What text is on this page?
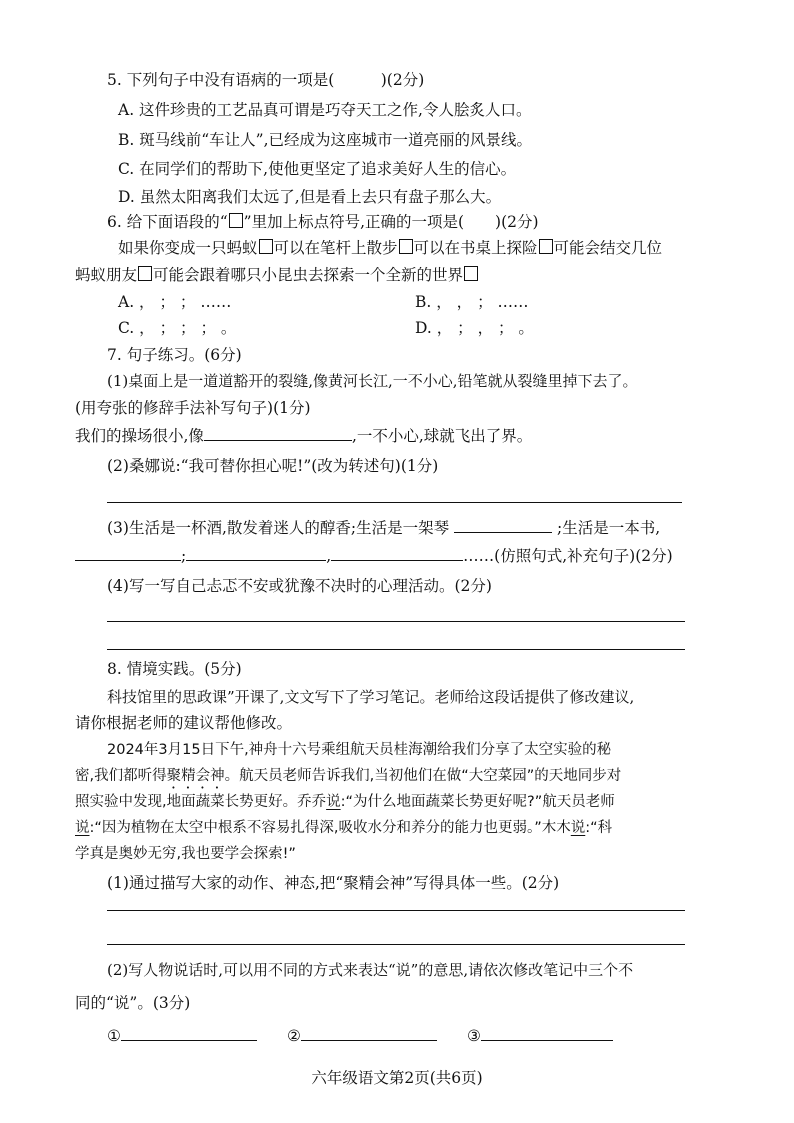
5. 下列句子中没有语病的一项是(　　　)(2分)
A. 这件珍贵的工艺品真可谓是巧夺天工之作,令人脍炙人口。
B. 斑马线前“车让人”,已经成为这座城市一道亮丽的风景线。
C. 在同学们的帮助下,使他更坚定了追求美好人生的信心。
D. 虽然太阳离我们太远了,但是看上去只有盘子那么大。
6. 给下面语段的“ ”里加上标点符号,正确的一项是(　　)(2分)
如果你变成一只蚂蚁 可以在笔杆上散步 可以在书桌上探险 可能会结交几位
蚂蚁朋友 可能会跟着哪只小昆虫去探索一个全新的世界
A. ， ； ； ……	B. ， ， ； ……
C. ， ； ； ； 。	D. ， ； ， ； 。
7. 句子练习。(6分)
(1)桌面上是一道道豁开的裂缝,像黄河长江,一不小心,铅笔就从裂缝里掉下去了。
(用夸张的修辞手法补写句子)(1分)
我们的操场很小,像	,一不小心,球就飞出了界。
(2)桑娜说:“我可替你担心呢!”(改为转述句)(1分)
(3)生活是一杯酒,散发着迷人的醇香;生活是一架琴	;生活是一本书,
;	,	……(仿照句式,补充句子)(2分)
(4)写一写自己忐忑不安或犹豫不决时的心理活动。(2分)
8. 情境实践。(5分)
科技馆里的思政课”开课了,文文写下了学习笔记。老师给这段话提供了修改建议,
请你根据老师的建议帮他修改。
2024年3月15日下午,神舟十六号乘组航天员桂海潮给我们分享了太空实验的秘
密,我们都听得聚精会神。航天员老师告诉我们,当初他们在做“大空菜园”的天地同步对
照实验中发现,地面蔬菜长势更好。乔乔说:“为什么地面蔬菜长势更好呢?”航天员老师
说:“因为植物在太空中根系不容易扎得深,吸收水分和养分的能力也更弱。”木木说:“科
学真是奥妙无穷,我也要学会探索!”
(1)通过描写大家的动作、神态,把“聚精会神”写得具体一些。(2分)
(2)写人物说话时,可以用不同的方式来表达“说”的意思,请依次修改笔记中三个不
同的“说”。(3分)
①	②	③
六年级语文第2页(共6页)
